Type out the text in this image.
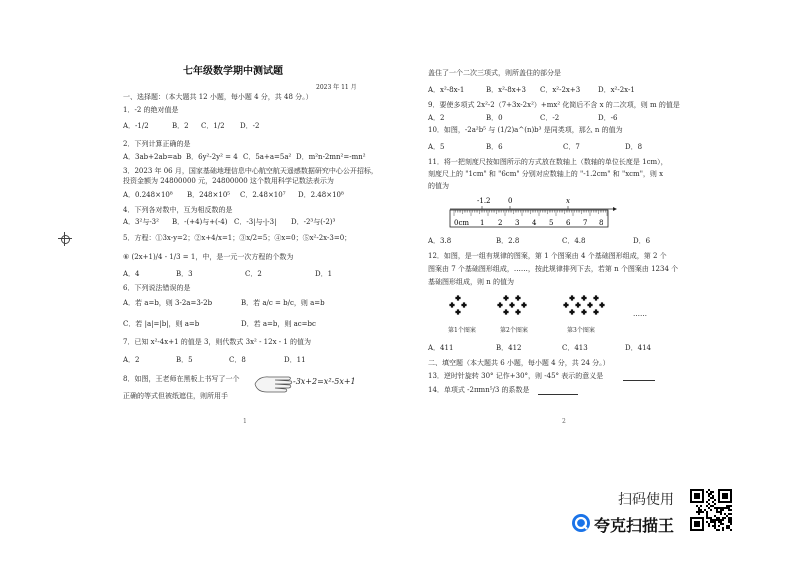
七年级数学期中测试题
2023 年 11 月
一、选择题：（本大题共 12 小题，每小题 4 分，共 48 分。）
1．-2 的绝对值是
A．-1/2	B．2 C．1/2 D．-2
2．下列计算正确的是
A．3ab+2ab=ab B．6y²-2y² = 4 C．5a+a=5a² D．m²n-2mn²=-mn²
3．2023 年 06 月，国家基础地理信息中心航空航天遥感数据研究中心公开招标，
投资金额为 24800000 元，24800000 这个数用科学记数法表示为
A．0.248×10⁸ B．248×10⁵ C．2.48×10⁷ D．2.48×10⁸
4．下列各对数中，互为相反数的是
A．3²与-3² B．-(+4)与+(-4) C．-3|与-|-3| D．-2³与(-2)³
5．方程：①3x-y=2；②x+4/x=1；③x/2=5；④x=0；⑤x²-2x-3=0；
⑥ (2x+1)/4 - 1/3 = 1，中，是一元一次方程的个数为
A．4	B．3	C．2	D．1
6．下列说法错误的是
A．若 a=b，则 3-2a=3-2b	B．若 a/c = b/c，则 a=b
C．若 |a|=|b|，则 a=b	D．若 a=b，则 ac=bc
7．已知 x²-4x+1 的值是 3，则代数式 3x² - 12x - 1 的值为
A．2	B．5	C．8	D．11
8．如图，王老师在黑板上书写了一个
正确的等式但被纸遮住，则所用手
-3x+2=x²-5x+1
1
盖住了一个二次三项式，则所盖住的部分是
A．x²-8x-1	B．x²-8x+3 C．x²-2x+3	D．x²-2x-1
9．要使多项式 2x²-2（7+3x-2x²）+mx² 化简后不含 x 的二次项，则 m 的值是
A．2	B．0	C．-2	D．-6
10．如图，-2a²b⁵ 与 (1/2)a^(n)b³ 是同类项，那么 n 的值为
A．5	B．6	C．7	D．8
11．将一把刻度尺按如图所示的方式放在数轴上（数轴的单位长度是 1cm），
刻度尺上的 "1cm" 和 "6cm" 分别对应数轴上的 "-1.2cm" 和 "xcm"，则 x
的值为
-1.2	0	x
0cm 1 2 3 4 5 6 7 8
A．3.8	B．2.8	C．4.8	D．6
12．如图，是一组有规律的图案，第 1 个图案由 4 个基础图形组成，第 2 个
图案由 7 个基础图形组成，……，按此规律排列下去，若第 n 个图案由 1234 个
基础图形组成，则 n 的值为
第1个图案	第2个图案	第3个图案
……
A．411	B．412	C．413	D．414
二、填空题（本大题共 6 小题，每小题 4 分，共 24 分。）
13．逆时针旋转 30° 记作+30°，则 -45° 表示的意义是
14．单项式 -2πmn⁵/3 的系数是
2
扫码使用
夸克扫描王
